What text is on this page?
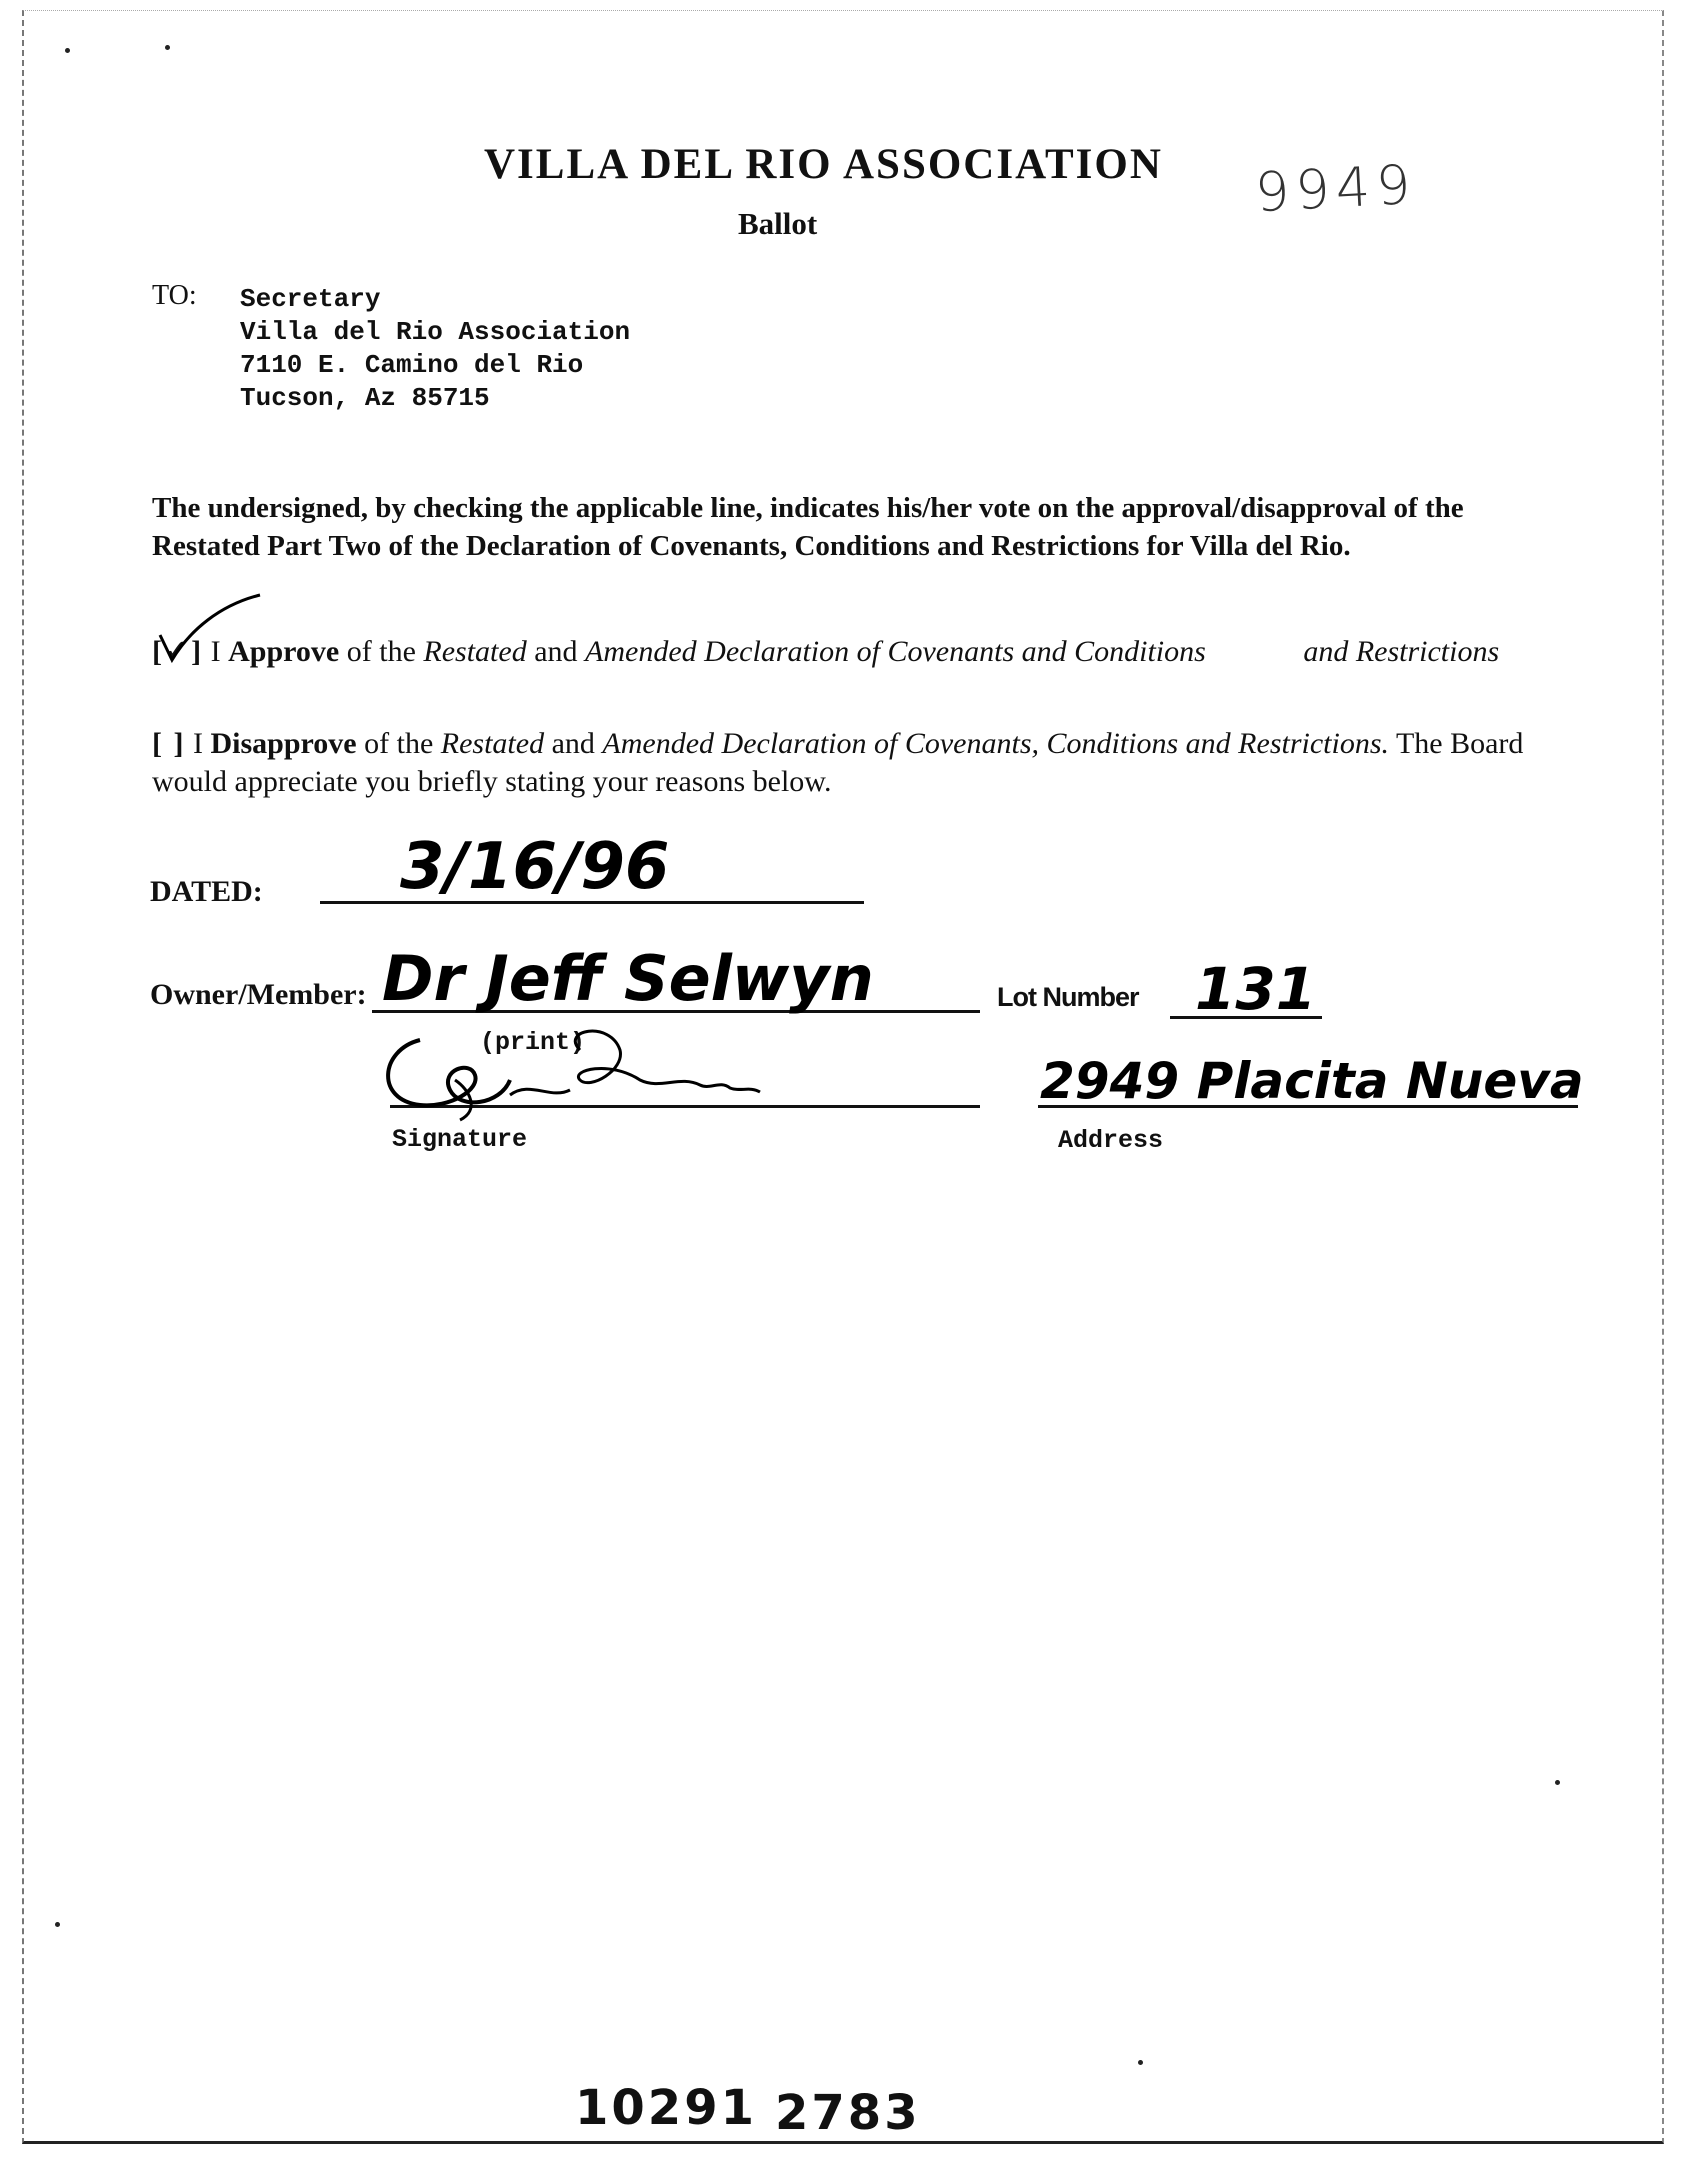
VILLA DEL RIO ASSOCIATION
Ballot	9949
TO: Secretary
Villa del Rio Association
7110 E. Camino del Rio
Tucson, Az 85715
The undersigned, by checking the applicable line, indicates his/her vote on the approval/disapproval of the Restated Part Two of the Declaration of Covenants, Conditions and Restrictions for Villa del Rio.
[✓] I Approve of the Restated and Amended Declaration of Covenants and Conditions	and Restrictions
[ ] I Disapprove of the Restated and Amended Declaration of Covenants, Conditions and Restrictions. The Board would appreciate you briefly stating your reasons below.
DATED: 3/16/96
Owner/Member: Dr Jeff Selwyn
(print)
Lot Number 131
Signature
2949 Placita Nueva
Address
10291 2783
